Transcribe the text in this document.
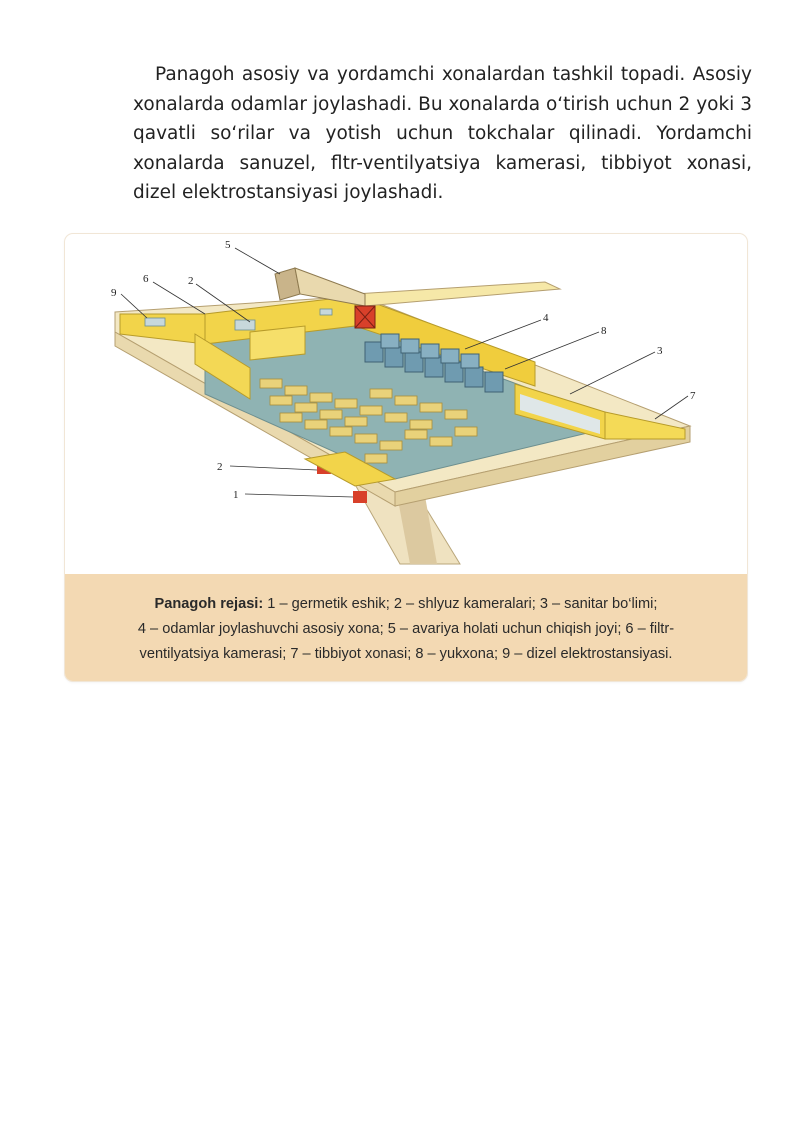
Panagoh asosiy va yordamchi xonalardan tashkil topadi. Asosiy xonalarda odamlar joylashadi. Bu xonalarda o‘tirish uchun 2 yoki 3 qavatli so‘rilar va yotish uchun tokchalar qilinadi. Yordamchi xonalarda sanuzel, fltr-ventilyatsiya kamerasi, tibbiyot xonasi, dizel elektrostansiyasi joylashadi.

5
6	2
9
4
8
3
7
2
1
Panagoh rejasi: 1 – germetik eshik; 2 – shlyuz kameralari; 3 – sanitar bo‘limi;
4 – odamlar joylashuvchi asosiy xona; 5 – avariya holati uchun chiqish joyi; 6 – filtr-
ventilyatsiya kamerasi; 7 – tibbiyot xonasi; 8 – yukxona; 9 – dizel elektrostansiyasi.
